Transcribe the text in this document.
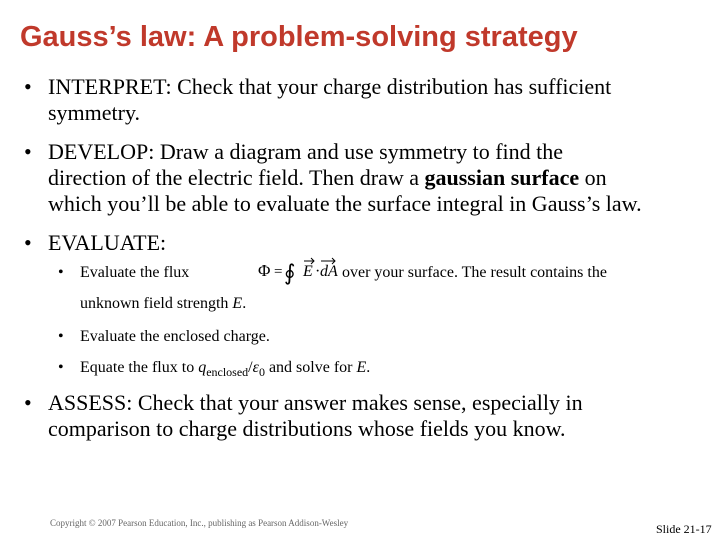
Gauss’s law: A problem-solving strategy
• INTERPRET: Check that your charge distribution has sufficient
symmetry.
• DEVELOP: Draw a diagram and use symmetry to find the
direction of the electric field. Then draw a gaussian surface on
which you’ll be able to evaluate the surface integral in Gauss’s law.
• EVALUATE:
• Evaluate the flux	Φ = ∮ E · dA over your surface. The result contains the
unknown field strength E.
• Evaluate the enclosed charge.
• Equate the flux to $q_{enclosed}/\varepsilon_0$ and solve for E.
• ASSESS: Check that your answer makes sense, especially in
comparison to charge distributions whose fields you know.
Copyright © 2007 Pearson Education, Inc., publishing as Pearson Addison-Wesley	Slide 21-17
